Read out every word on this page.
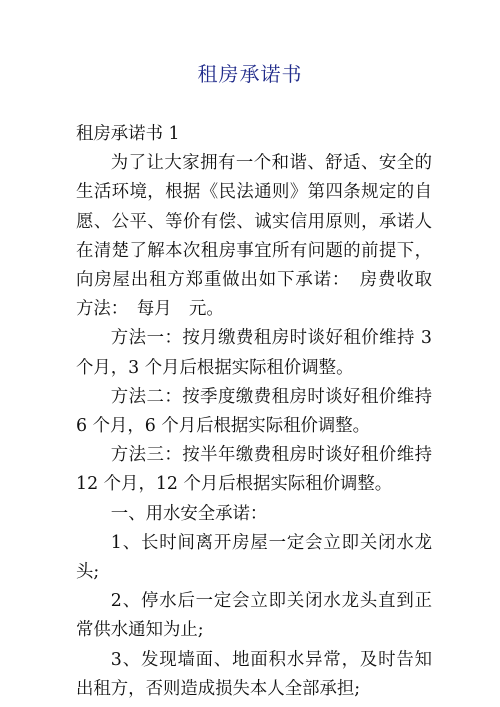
租房承诺书

租房承诺书 1

为了让大家拥有一个和谐、舒适、安全的生活环境，根据《民法通则》第四条规定的自愿、公平、等价有偿、诚实信用原则，承诺人在清楚了解本次租房事宜所有问题的前提下，向房屋出租方郑重做出如下承诺：　房费收取方法：　每月　元。

方法一：按月缴费租房时谈好租价维持 3 个月，3 个月后根据实际租价调整。

方法二：按季度缴费租房时谈好租价维持 6 个月，6 个月后根据实际租价调整。

方法三：按半年缴费租房时谈好租价维持 12 个月，12 个月后根据实际租价调整。

一、用水安全承诺：

1、长时间离开房屋一定会立即关闭水龙头;

2、停水后一定会立即关闭水龙头直到正常供水通知为止;

3、发现墙面、地面积水异常，及时告知出租方，否则造成损失本人全部承担;
